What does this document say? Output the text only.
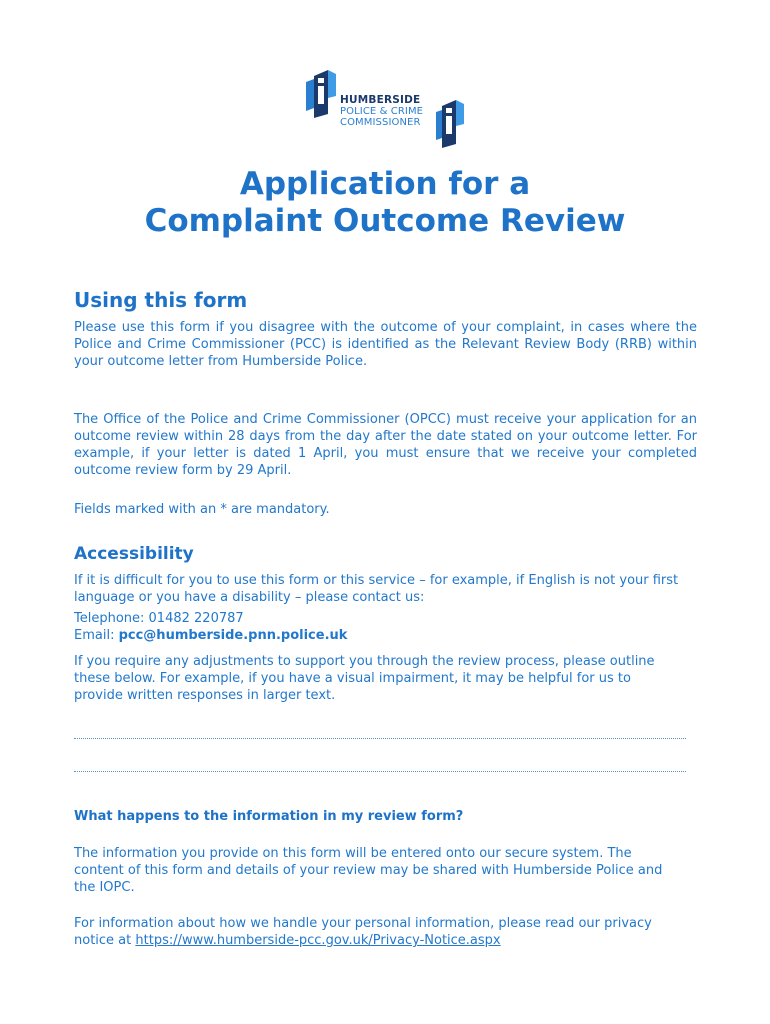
HUMBERSIDE
POLICE & CRIME
COMMISSIONER
Application for a
Complaint Outcome Review
Using this form

Please use this form if you disagree with the outcome of your complaint, in cases where the Police and Crime Commissioner (PCC) is identified as the Relevant Review Body (RRB) within your outcome letter from Humberside Police.

The Office of the Police and Crime Commissioner (OPCC) must receive your application for an outcome review within 28 days from the day after the date stated on your outcome letter. For example, if your letter is dated 1 April, you must ensure that we receive your completed outcome review form by 29 April.

Fields marked with an * are mandatory.

Accessibility

If it is difficult for you to use this form or this service – for example, if English is not your first language or you have a disability – please contact us:

Telephone: 01482 220787

Email: pcc@humberside.pnn.police.uk

If you require any adjustments to support you through the review process, please outline these below. For example, if you have a visual impairment, it may be helpful for us to provide written responses in larger text.

What happens to the information in my review form?

The information you provide on this form will be entered onto our secure system. The content of this form and details of your review may be shared with Humberside Police and the IOPC.

For information about how we handle your personal information, please read our privacy notice at https://www.humberside-pcc.gov.uk/Privacy-Notice.aspx
